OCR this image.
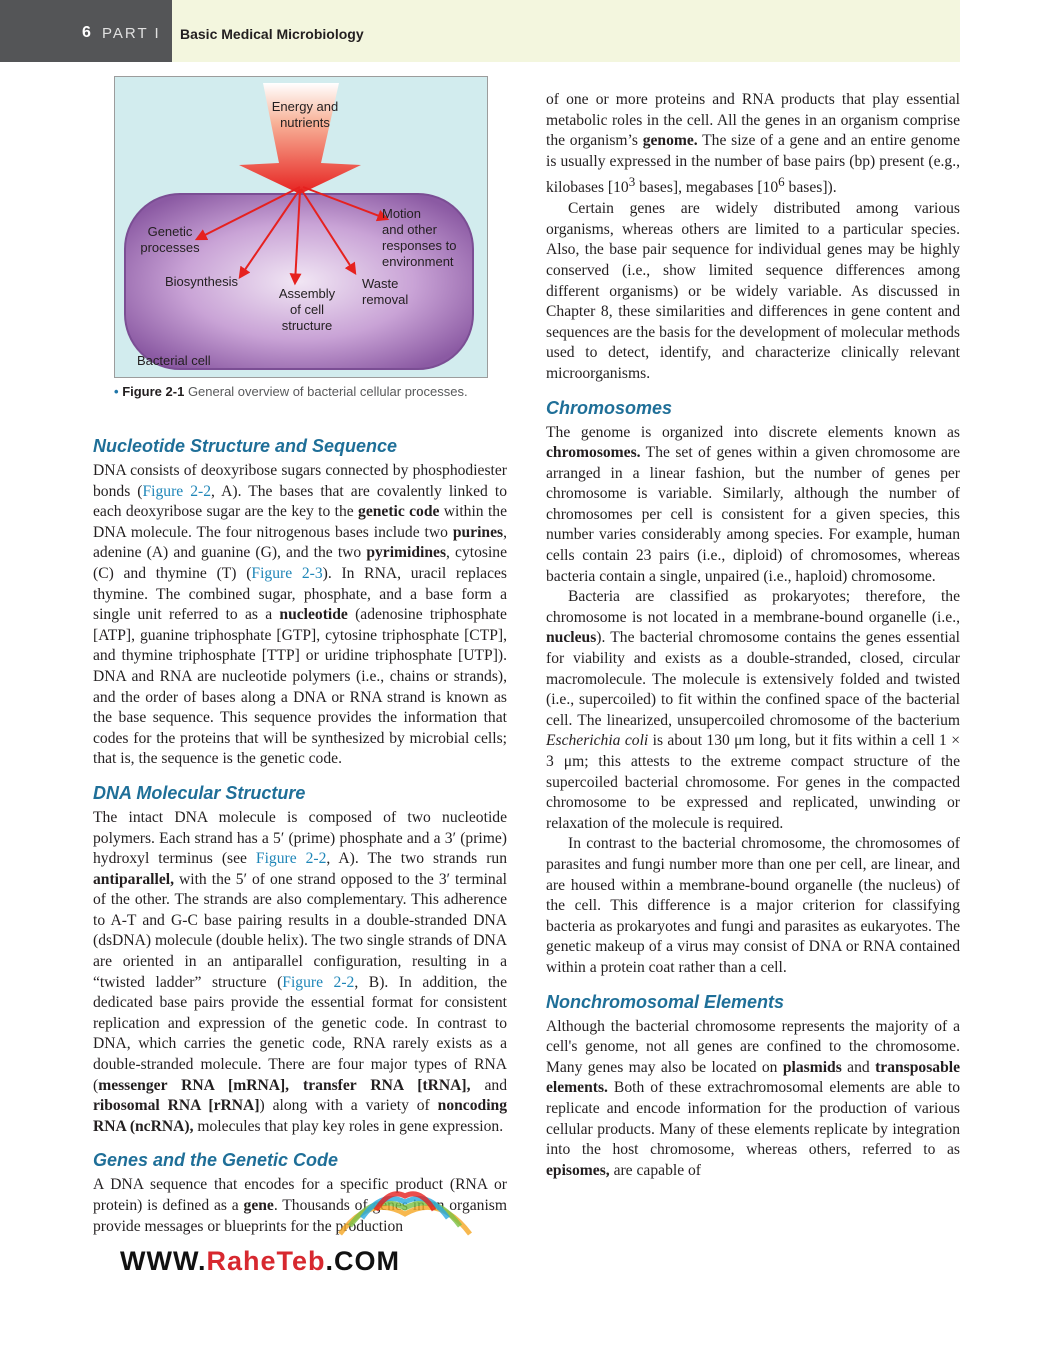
6 PART I Basic Medical Microbiology
Energy and
nutrients
Genetic
processes
Biosynthesis
Assembly
of cell
structure
Waste
removal
Motion
and other
responses to
environment
Bacterial cell
• Figure 2-1 General overview of bacterial cellular processes.
Nucleotide Structure and Sequence

DNA consists of deoxyribose sugars connected by phosphodiester bonds (Figure 2-2, A). The bases that are covalently linked to each deoxyribose sugar are the key to the genetic code within the DNA molecule. The four nitrogenous bases include two purines, adenine (A) and guanine (G), and the two pyrimidines, cytosine (C) and thymine (T) (Figure 2-3). In RNA, uracil replaces thymine. The combined sugar, phosphate, and a base form a single unit referred to as a nucleotide (adenosine triphosphate [ATP], guanine triphosphate [GTP], cytosine triphosphate [CTP], and thymine triphosphate [TTP] or uridine triphosphate [UTP]). DNA and RNA are nucleotide polymers (i.e., chains or strands), and the order of bases along a DNA or RNA strand is known as the base sequence. This sequence provides the information that codes for the proteins that will be synthesized by microbial cells; that is, the sequence is the genetic code.

DNA Molecular Structure

The intact DNA molecule is composed of two nucleotide polymers. Each strand has a 5′ (prime) phosphate and a 3′ (prime) hydroxyl terminus (see Figure 2-2, A). The two strands run antiparallel, with the 5′ of one strand opposed to the 3′ terminal of the other. The strands are also complementary. This adherence to A-T and G-C base pairing results in a double-stranded DNA (dsDNA) molecule (double helix). The two single strands of DNA are oriented in an antiparallel configuration, resulting in a “twisted ladder” structure (Figure 2-2, B). In addition, the dedicated base pairs provide the essential format for consistent replication and expression of the genetic code. In contrast to DNA, which carries the genetic code, RNA rarely exists as a double-stranded molecule. There are four major types of RNA (messenger RNA [mRNA], transfer RNA [tRNA], and ribosomal RNA [rRNA]) along with a variety of noncoding RNA (ncRNA), molecules that play key roles in gene expression.

Genes and the Genetic Code

A DNA sequence that encodes for a specific product (RNA or protein) is defined as a gene. Thousands of genes in an organism provide messages or blueprints for the production

of one or more proteins and RNA products that play essential metabolic roles in the cell. All the genes in an organism comprise the organism’s genome. The size of a gene and an entire genome is usually expressed in the number of base pairs (bp) present (e.g., kilobases [$10^3$ bases], megabases [$10^6$ bases]).

Certain genes are widely distributed among various organisms, whereas others are limited to a particular species. Also, the base pair sequence for individual genes may be highly conserved (i.e., show limited sequence differences among different organisms) or be widely variable. As discussed in Chapter 8, these similarities and differences in gene content and sequences are the basis for the development of molecular methods used to detect, identify, and characterize clinically relevant microorganisms.

Chromosomes

The genome is organized into discrete elements known as chromosomes. The set of genes within a given chromosome are arranged in a linear fashion, but the number of genes per chromosome is variable. Similarly, although the number of chromosomes per cell is consistent for a given species, this number varies considerably among species. For example, human cells contain 23 pairs (i.e., diploid) of chromosomes, whereas bacteria contain a single, unpaired (i.e., haploid) chromosome.

Bacteria are classified as prokaryotes; therefore, the chromosome is not located in a membrane-bound organelle (i.e., nucleus). The bacterial chromosome contains the genes essential for viability and exists as a double-stranded, closed, circular macromolecule. The molecule is extensively folded and twisted (i.e., supercoiled) to fit within the confined space of the bacterial cell. The linearized, unsupercoiled chromosome of the bacterium Escherichia coli is about 130 μm long, but it fits within a cell 1 × 3 μm; this attests to the extreme compact structure of the supercoiled bacterial chromosome. For genes in the compacted chromosome to be expressed and replicated, unwinding or relaxation of the molecule is required.

In contrast to the bacterial chromosome, the chromosomes of parasites and fungi number more than one per cell, are linear, and are housed within a membrane-bound organelle (the nucleus) of the cell. This difference is a major criterion for classifying bacteria as prokaryotes and fungi and parasites as eukaryotes. The genetic makeup of a virus may consist of DNA or RNA contained within a protein coat rather than a cell.

Nonchromosomal Elements

Although the bacterial chromosome represents the majority of a cell's genome, not all genes are confined to the chromosome. Many genes may also be located on plasmids and transposable elements. Both of these extrachromosomal elements are able to replicate and encode information for the production of various cellular products. Many of these elements replicate by integration into the host chromosome, whereas others, referred to as episomes, are capable of

WWW.RaheTeb.COM
